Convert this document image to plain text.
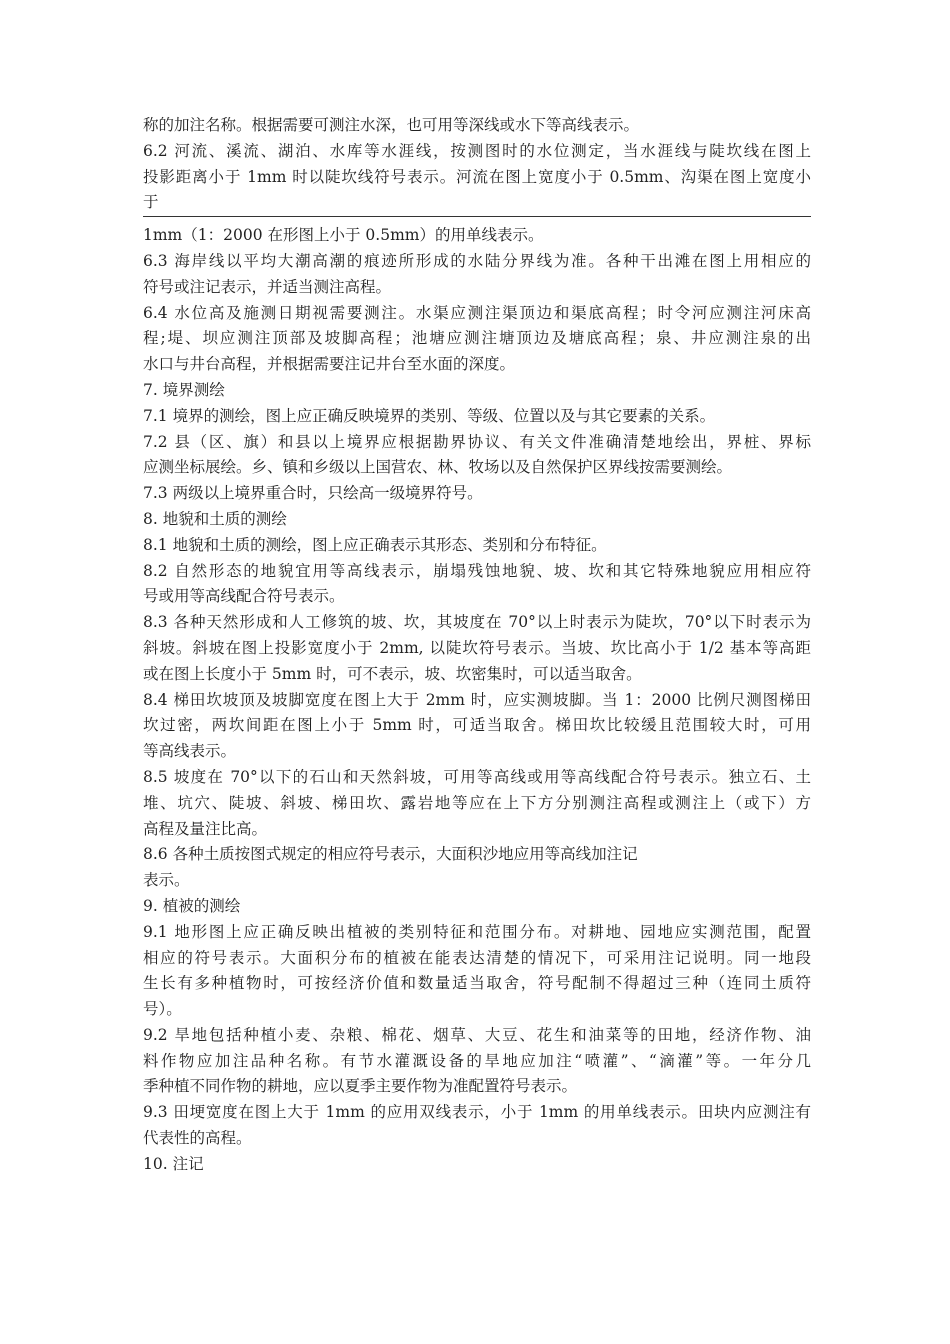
称的加注名称。根据需要可测注水深，也可用等深线或水下等高线表示。
6.2 河流、溪流、湖泊、水库等水涯线，按测图时的水位测定，当水涯线与陡坎线在图上
投影距离小于 1mm 时以陡坎线符号表示。河流在图上宽度小于 0.5mm、沟渠在图上宽度小
于
1mm（1：2000 在形图上小于 0.5mm）的用单线表示。
6.3 海岸线以平均大潮高潮的痕迹所形成的水陆分界线为准。各种干出滩在图上用相应的
符号或注记表示，并适当测注高程。
6.4 水位高及施测日期视需要测注。水渠应测注渠顶边和渠底高程；时令河应测注河床高
程;堤、坝应测注顶部及坡脚高程；池塘应测注塘顶边及塘底高程；泉、井应测注泉的出
水口与井台高程，并根据需要注记井台至水面的深度。
7. 境界测绘
7.1 境界的测绘，图上应正确反映境界的类别、等级、位置以及与其它要素的关系。
7.2 县（区、旗）和县以上境界应根据勘界协议、有关文件准确清楚地绘出，界桩、界标
应测坐标展绘。乡、镇和乡级以上国营农、林、牧场以及自然保护区界线按需要测绘。
7.3 两级以上境界重合时，只绘高一级境界符号。
8. 地貌和土质的测绘
8.1 地貌和土质的测绘，图上应正确表示其形态、类别和分布特征。
8.2 自然形态的地貌宜用等高线表示，崩塌残蚀地貌、坡、坎和其它特殊地貌应用相应符
号或用等高线配合符号表示。
8.3 各种天然形成和人工修筑的坡、坎，其坡度在 70°以上时表示为陡坎，70°以下时表示为
斜坡。斜坡在图上投影宽度小于 2mm, 以陡坎符号表示。当坡、坎比高小于 1/2 基本等高距
或在图上长度小于 5mm 时，可不表示，坡、坎密集时，可以适当取舍。
8.4 梯田坎坡顶及坡脚宽度在图上大于 2mm 时，应实测坡脚。当 1：2000 比例尺测图梯田
坎过密，两坎间距在图上小于 5mm 时，可适当取舍。梯田坎比较缓且范围较大时，可用
等高线表示。
8.5 坡度在 70°以下的石山和天然斜坡，可用等高线或用等高线配合符号表示。独立石、土
堆、坑穴、陡坡、斜坡、梯田坎、露岩地等应在上下方分别测注高程或测注上（或下）方
高程及量注比高。
8.6 各种土质按图式规定的相应符号表示，大面积沙地应用等高线加注记
表示。
9. 植被的测绘
9.1 地形图上应正确反映出植被的类别特征和范围分布。对耕地、园地应实测范围，配置
相应的符号表示。大面积分布的植被在能表达清楚的情况下，可采用注记说明。同一地段
生长有多种植物时，可按经济价值和数量适当取舍，符号配制不得超过三种（连同土质符
号）。
9.2 旱地包括种植小麦、杂粮、棉花、烟草、大豆、花生和油菜等的田地，经济作物、油
料作物应加注品种名称。有节水灌溉设备的旱地应加注“喷灌”、“滴灌”等。一年分几
季种植不同作物的耕地，应以夏季主要作物为准配置符号表示。
9.3 田埂宽度在图上大于 1mm 的应用双线表示，小于 1mm 的用单线表示。田块内应测注有
代表性的高程。
10. 注记
